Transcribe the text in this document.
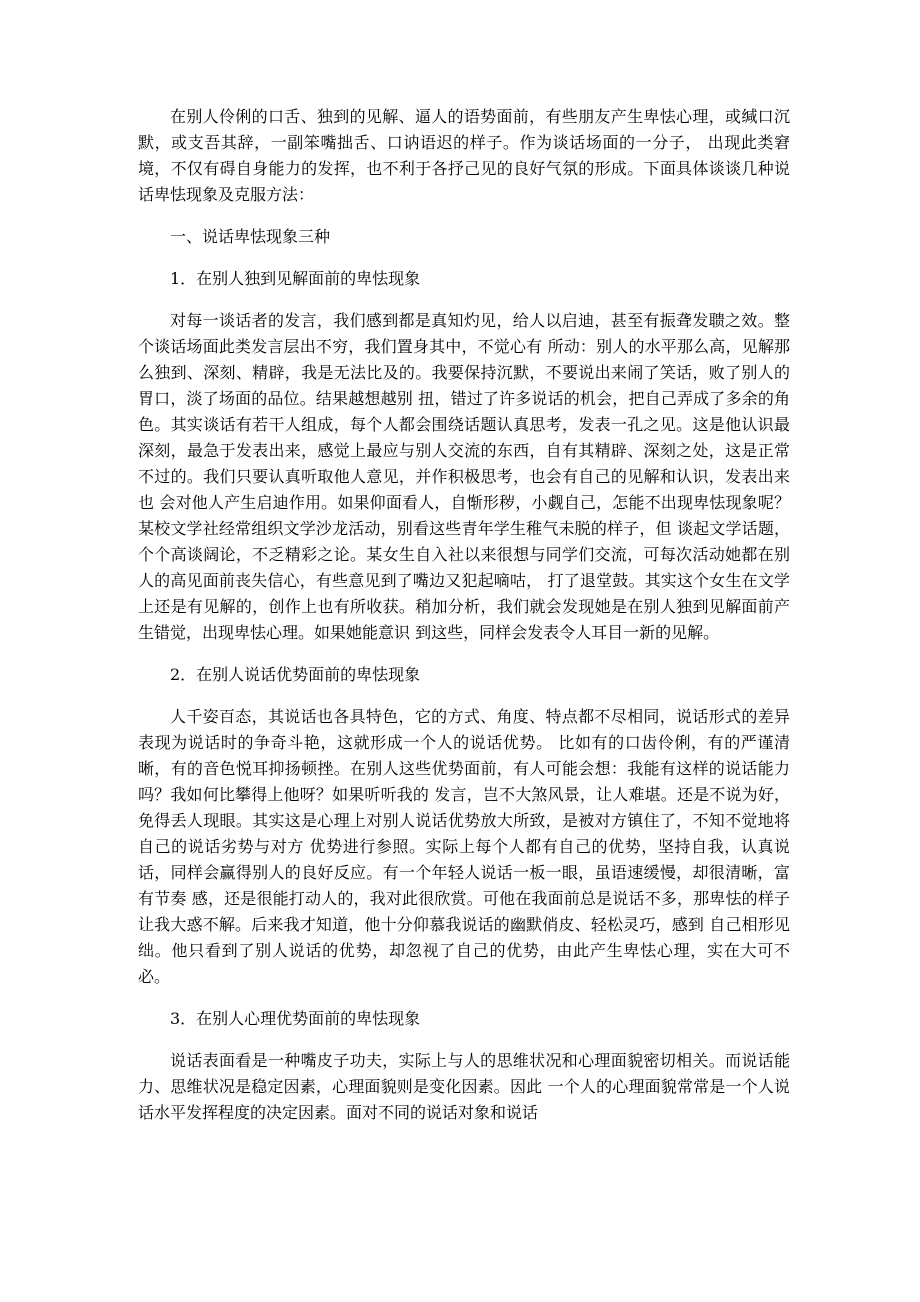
在别人伶俐的口舌、独到的见解、逼人的语势面前，有些朋友产生卑怯心理，或缄口沉默，或支吾其辞，一副笨嘴拙舌、口讷语迟的样子。作为谈话场面的一分子， 出现此类窘境，不仅有碍自身能力的发挥，也不利于各抒己见的良好气氛的形成。下面具体谈谈几种说话卑怯现象及克服方法：

一、说话卑怯现象三种

1．在别人独到见解面前的卑怯现象

对每一谈话者的发言，我们感到都是真知灼见，给人以启迪，甚至有振聋发聩之效。整个谈话场面此类发言层出不穷，我们置身其中，不觉心有 所动：别人的水平那么高，见解那么独到、深刻、精辟，我是无法比及的。我要保持沉默，不要说出来闹了笑话，败了别人的胃口，淡了场面的品位。结果越想越别 扭，错过了许多说话的机会，把自己弄成了多余的角色。其实谈话有若干人组成，每个人都会围绕话题认真思考，发表一孔之见。这是他认识最深刻，最急于发表出来，感觉上最应与别人交流的东西，自有其精辟、深刻之处，这是正常不过的。我们只要认真听取他人意见，并作积极思考，也会有自己的见解和认识，发表出来也 会对他人产生启迪作用。如果仰面看人，自惭形秽，小觑自己，怎能不出现卑怯现象呢？某校文学社经常组织文学沙龙活动，别看这些青年学生稚气未脱的样子，但 谈起文学话题，个个高谈阔论，不乏精彩之论。某女生自入社以来很想与同学们交流，可每次活动她都在别人的高见面前丧失信心，有些意见到了嘴边又犯起嘀咕， 打了退堂鼓。其实这个女生在文学上还是有见解的，创作上也有所收获。稍加分析，我们就会发现她是在别人独到见解面前产生错觉，出现卑怯心理。如果她能意识 到这些，同样会发表令人耳目一新的见解。

2．在别人说话优势面前的卑怯现象

人千姿百态，其说话也各具特色，它的方式、角度、特点都不尽相同，说话形式的差异表现为说话时的争奇斗艳，这就形成一个人的说话优势。 比如有的口齿伶俐，有的严谨清晰，有的音色悦耳抑扬顿挫。在别人这些优势面前，有人可能会想：我能有这样的说话能力吗？我如何比攀得上他呀？如果听听我的 发言，岂不大煞风景，让人难堪。还是不说为好，免得丢人现眼。其实这是心理上对别人说话优势放大所致，是被对方镇住了，不知不觉地将自己的说话劣势与对方 优势进行参照。实际上每个人都有自己的优势，坚持自我，认真说话，同样会赢得别人的良好反应。有一个年轻人说话一板一眼，虽语速缓慢，却很清晰，富有节奏 感，还是很能打动人的，我对此很欣赏。可他在我面前总是说话不多，那卑怯的样子让我大惑不解。后来我才知道，他十分仰慕我说话的幽默俏皮、轻松灵巧，感到 自己相形见绌。他只看到了别人说话的优势，却忽视了自己的优势，由此产生卑怯心理，实在大可不必。

3．在别人心理优势面前的卑怯现象

说话表面看是一种嘴皮子功夫，实际上与人的思维状况和心理面貌密切相关。而说话能力、思维状况是稳定因素，心理面貌则是变化因素。因此 一个人的心理面貌常常是一个人说话水平发挥程度的决定因素。面对不同的说话对象和说话
